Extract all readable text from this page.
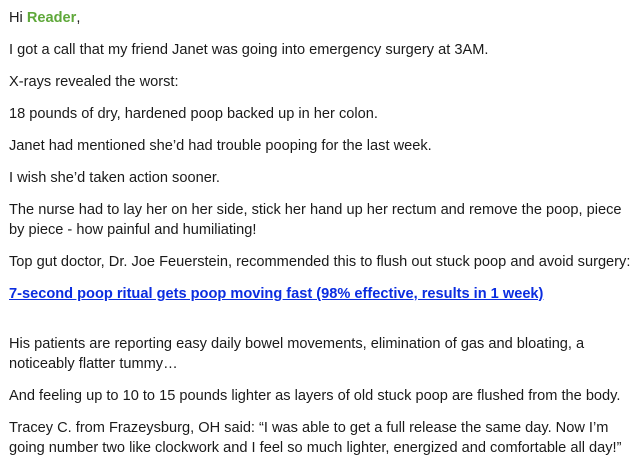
Hi Reader,

I got a call that my friend Janet was going into emergency surgery at 3AM.

X-rays revealed the worst:

18 pounds of dry, hardened poop backed up in her colon.

Janet had mentioned she’d had trouble pooping for the last week.

I wish she’d taken action sooner.

The nurse had to lay her on her side, stick her hand up her rectum and remove the poop, piece by piece - how painful and humiliating!

Top gut doctor, Dr. Joe Feuerstein, recommended this to flush out stuck poop and avoid surgery:

7-second poop ritual gets poop moving fast (98% effective, results in 1 week)

His patients are reporting easy daily bowel movements, elimination of gas and bloating, a noticeably flatter tummy…

And feeling up to 10 to 15 pounds lighter as layers of old stuck poop are flushed from the body.

Tracey C. from Frazeysburg, OH said: “I was able to get a full release the same day. Now I’m going number two like clockwork and I feel so much lighter, energized and comfortable all day!”
